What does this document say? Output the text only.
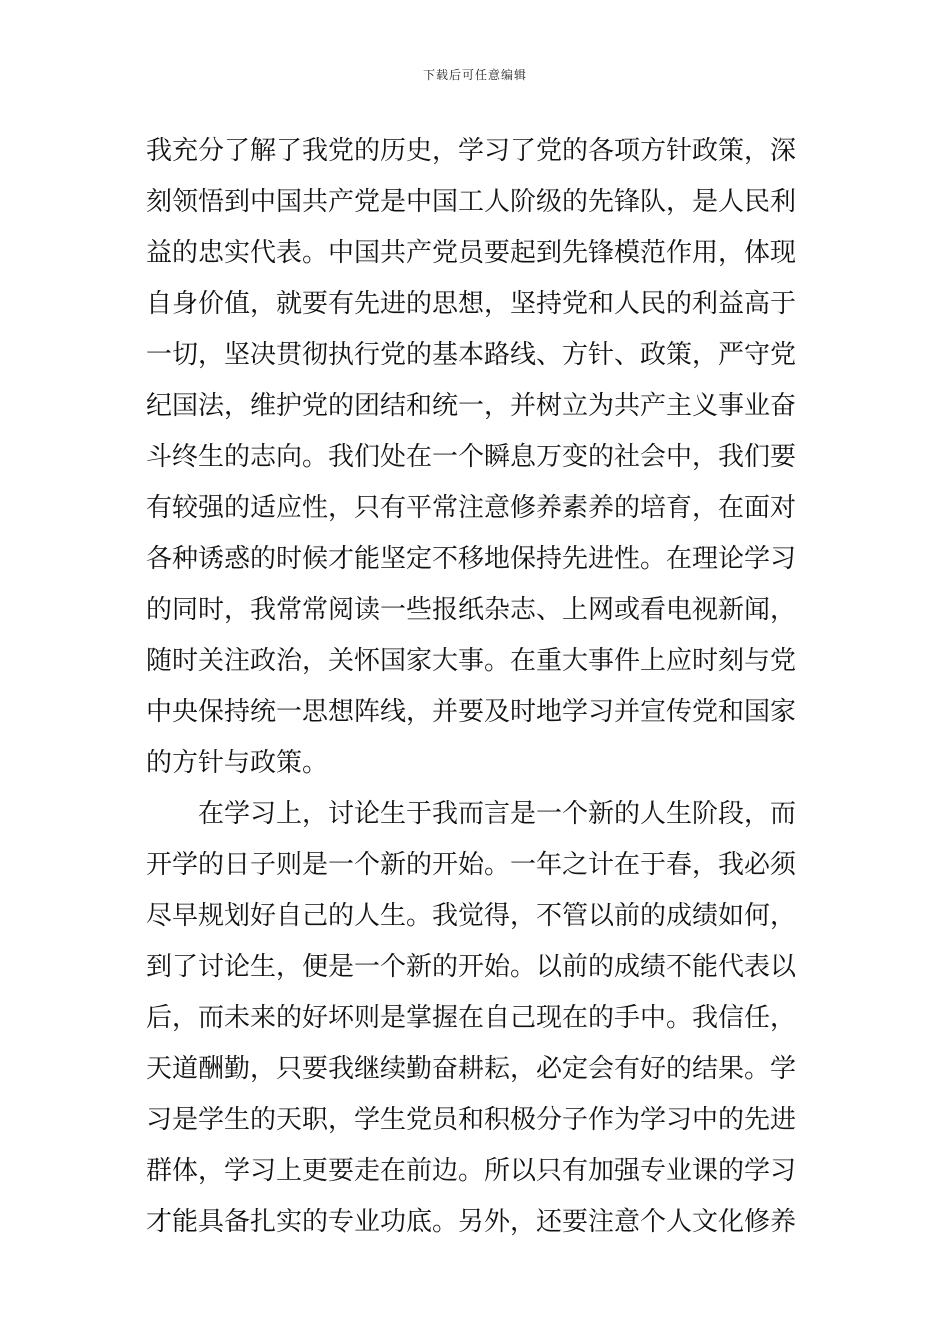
下载后可任意编辑
我充分了解了我党的历史，学习了党的各项方针政策，深
刻领悟到中国共产党是中国工人阶级的先锋队，是人民利
益的忠实代表。中国共产党员要起到先锋模范作用，体现
自身价值，就要有先进的思想，坚持党和人民的利益高于
一切，坚决贯彻执行党的基本路线、方针、政策，严守党
纪国法，维护党的团结和统一，并树立为共产主义事业奋
斗终生的志向。我们处在一个瞬息万变的社会中，我们要
有较强的适应性，只有平常注意修养素养的培育，在面对
各种诱惑的时候才能坚定不移地保持先进性。在理论学习
的同时，我常常阅读一些报纸杂志、上网或看电视新闻，
随时关注政治，关怀国家大事。在重大事件上应时刻与党
中央保持统一思想阵线，并要及时地学习并宣传党和国家
的方针与政策。
在学习上，讨论生于我而言是一个新的人生阶段，而
开学的日子则是一个新的开始。一年之计在于春，我必须
尽早规划好自己的人生。我觉得，不管以前的成绩如何，
到了讨论生，便是一个新的开始。以前的成绩不能代表以
后，而未来的好坏则是掌握在自己现在的手中。我信任，
天道酬勤，只要我继续勤奋耕耘，必定会有好的结果。学
习是学生的天职，学生党员和积极分子作为学习中的先进
群体，学习上更要走在前边。所以只有加强专业课的学习
才能具备扎实的专业功底。另外，还要注意个人文化修养
